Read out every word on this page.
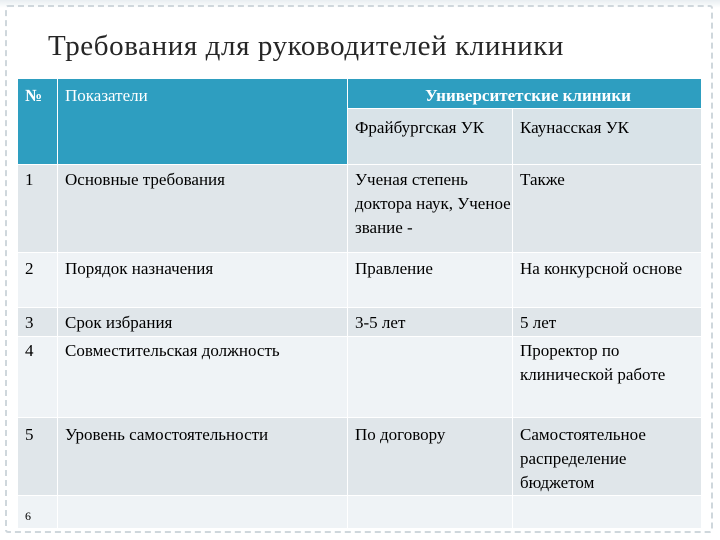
Требования для руководителей клиники
№	Показатели	Университетские клиники	
		Фрайбургская УК	Каунасская УК
1	Основные требования	Ученая степень доктора наук, Ученое звание -	Также
2	Порядок назначения	Правление	На конкурсной основе
3	Срок избрания	3-5 лет	5 лет
4	Совместительская должность		Проректор по клинической работе
5	Уровень самостоятельности	По договору	Самостоятельное распределение бюджетом
6			
